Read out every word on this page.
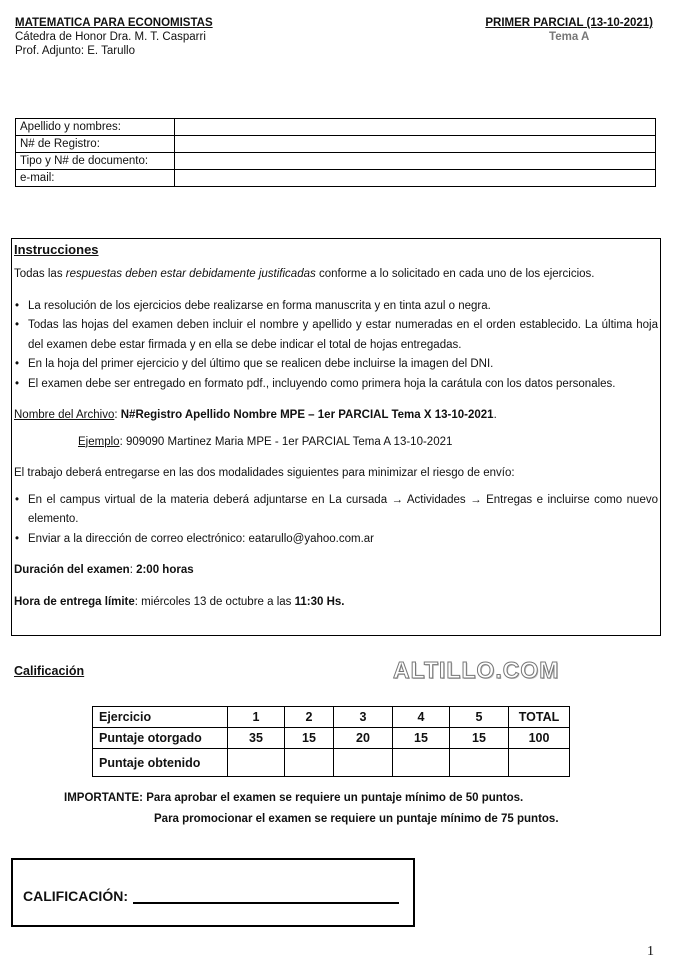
MATEMATICA PARA ECONOMISTAS
Cátedra de Honor Dra. M. T. Casparri
Prof. Adjunto: E. Tarullo
PRIMER PARCIAL (13-10-2021)
Tema A
Apellido y nombres:	
N# de Registro:	
Tipo y N# de documento:	
e-mail:	
Instrucciones

Todas las respuestas deben estar debidamente justificadas conforme a lo solicitado en cada uno de los ejercicios.

• La resolución de los ejercicios debe realizarse en forma manuscrita y en tinta azul o negra.
• Todas las hojas del examen deben incluir el nombre y apellido y estar numeradas en el orden establecido. La última hoja del examen debe estar firmada y en ella se debe indicar el total de hojas entregadas.
• En la hoja del primer ejercicio y del último que se realicen debe incluirse la imagen del DNI.
• El examen debe ser entregado en formato pdf., incluyendo como primera hoja la carátula con los datos personales.

Nombre del Archivo: N#Registro Apellido Nombre MPE – 1er PARCIAL Tema X 13-10-2021.

Ejemplo: 909090 Martinez Maria MPE - 1er PARCIAL Tema A 13-10-2021

El trabajo deberá entregarse en las dos modalidades siguientes para minimizar el riesgo de envío:

• En el campus virtual de la materia deberá adjuntarse en La cursada → Actividades → Entregas e incluirse como nuevo elemento.
• Enviar a la dirección de correo electrónico: eatarullo@yahoo.com.ar

Duración del examen: 2:00 horas

Hora de entrega límite: miércoles 13 de octubre a las 11:30 Hs.

Calificación	ALTILLO.COM
Ejercicio	1	2	3	4	5	TOTAL
Puntaje otorgado	35	15	20	15	15	100
Puntaje obtenido						
IMPORTANTE: Para aprobar el examen se requiere un puntaje mínimo de 50 puntos.
Para promocionar el examen se requiere un puntaje mínimo de 75 puntos.
CALIFICACIÓN:
1
